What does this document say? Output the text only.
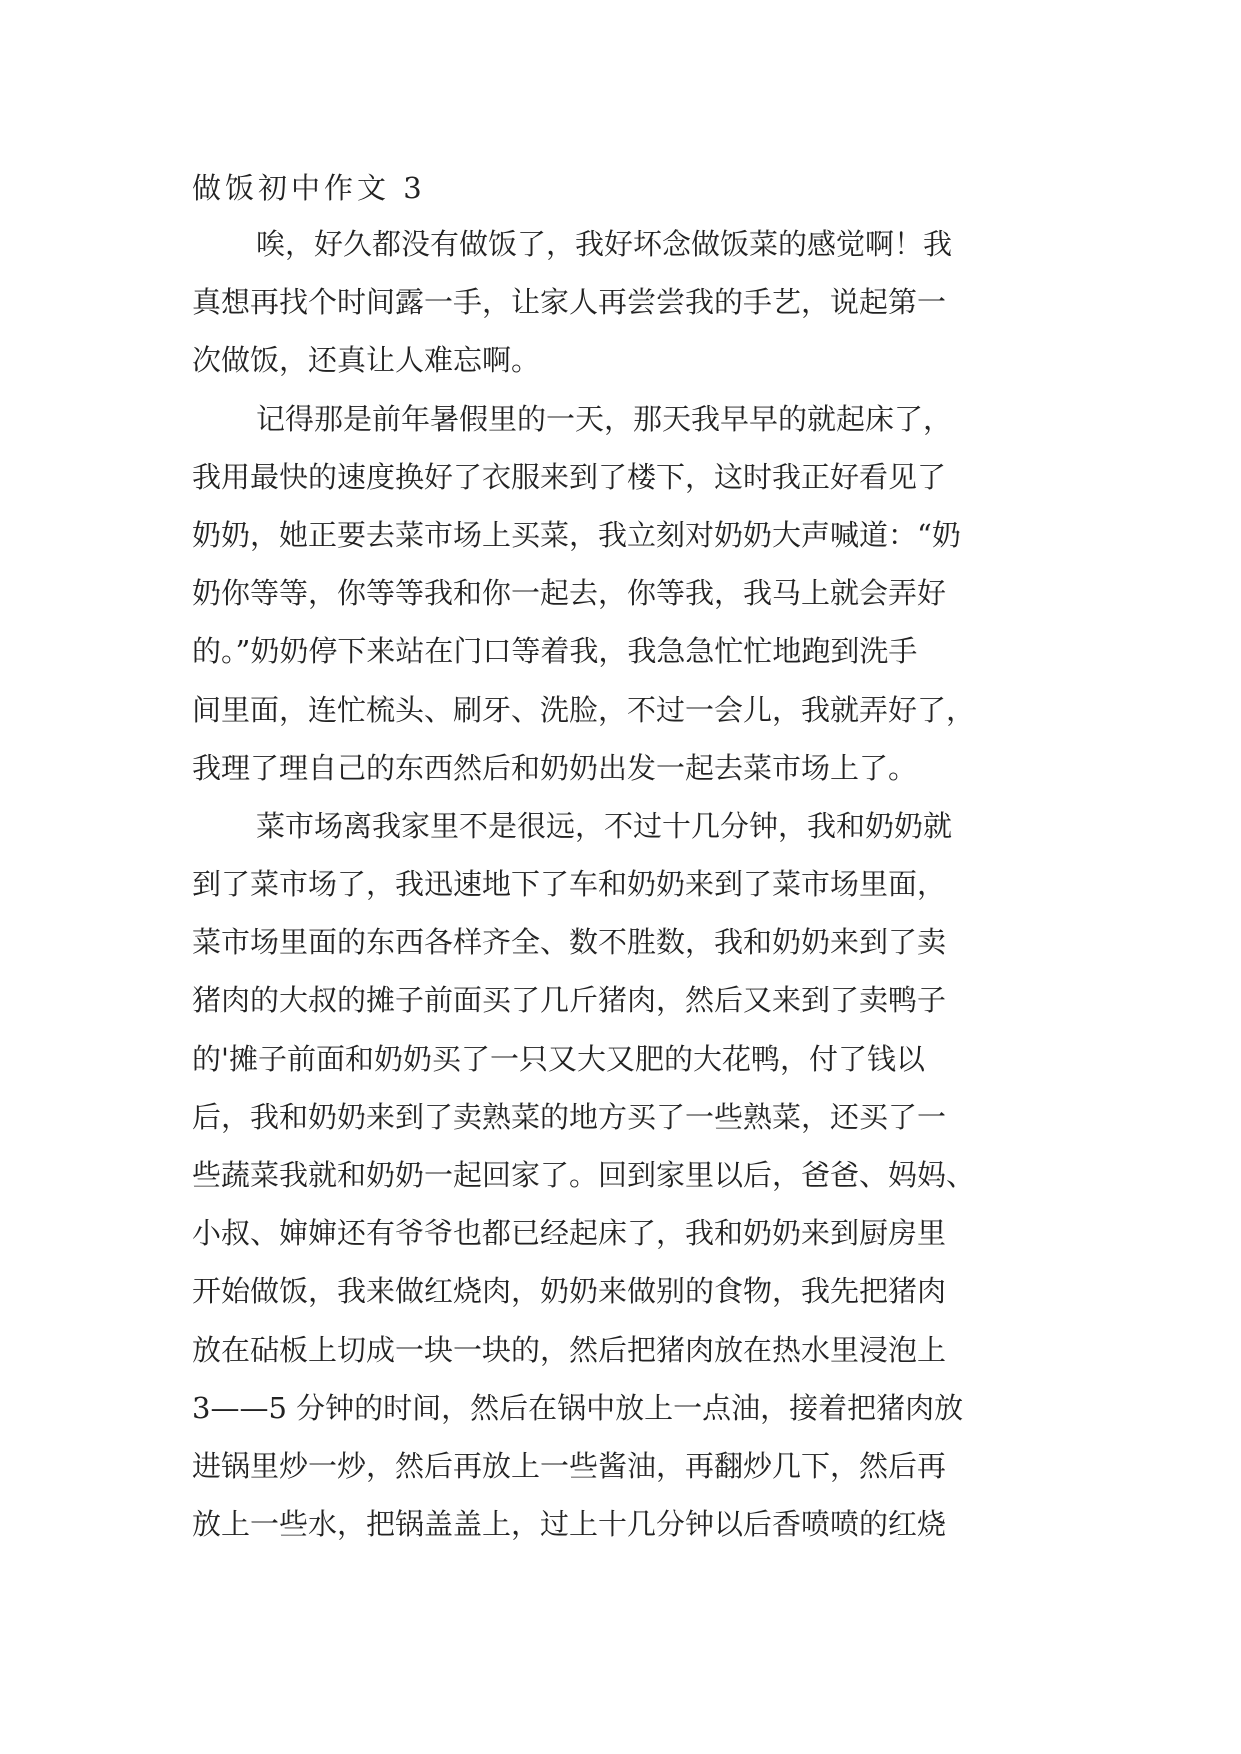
做饭初中作文 3
唉，好久都没有做饭了，我好坏念做饭菜的感觉啊！我
真想再找个时间露一手，让家人再尝尝我的手艺，说起第一
次做饭，还真让人难忘啊。
记得那是前年暑假里的一天，那天我早早的就起床了，
我用最快的速度换好了衣服来到了楼下，这时我正好看见了
奶奶，她正要去菜市场上买菜，我立刻对奶奶大声喊道：“奶
奶你等等，你等等我和你一起去，你等我，我马上就会弄好
的。”奶奶停下来站在门口等着我，我急急忙忙地跑到洗手
间里面，连忙梳头、刷牙、洗脸，不过一会儿，我就弄好了，
我理了理自己的东西然后和奶奶出发一起去菜市场上了。
菜市场离我家里不是很远，不过十几分钟，我和奶奶就
到了菜市场了，我迅速地下了车和奶奶来到了菜市场里面，
菜市场里面的东西各样齐全、数不胜数，我和奶奶来到了卖
猪肉的大叔的摊子前面买了几斤猪肉，然后又来到了卖鸭子
的'摊子前面和奶奶买了一只又大又肥的大花鸭，付了钱以
后，我和奶奶来到了卖熟菜的地方买了一些熟菜，还买了一
些蔬菜我就和奶奶一起回家了。回到家里以后，爸爸、妈妈、
小叔、婶婶还有爷爷也都已经起床了，我和奶奶来到厨房里
开始做饭，我来做红烧肉，奶奶来做别的食物，我先把猪肉
放在砧板上切成一块一块的，然后把猪肉放在热水里浸泡上
3——5 分钟的时间，然后在锅中放上一点油，接着把猪肉放
进锅里炒一炒，然后再放上一些酱油，再翻炒几下，然后再
放上一些水，把锅盖盖上，过上十几分钟以后香喷喷的红烧
